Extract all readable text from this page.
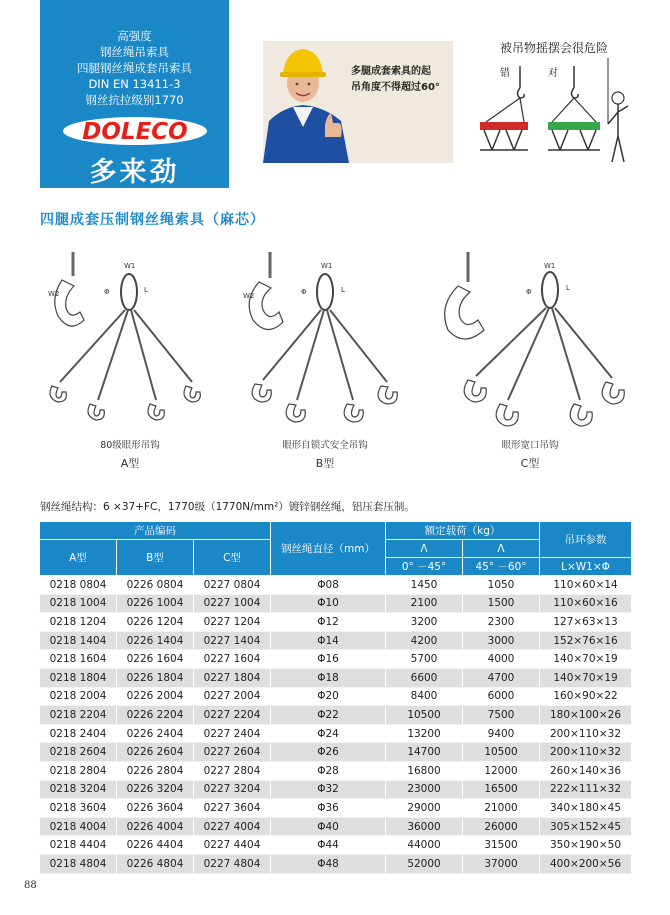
高强度
钢丝绳吊索具
四腿钢丝绳成套吊索具
DIN EN 13411-3
钢丝抗拉级别1770
DOLECO
多来劲
多腿成套索具的起
吊角度不得超过60°
被吊物摇摆会很危险
错	对
四腿成套压制钢丝绳索具（麻芯）
W2
W1
Φ	L
80级眼形吊钩
A型
W2
W1
Φ	L
眼形自锁式安全吊钩
B型
W1
Φ	L
眼形宽口吊钩
C型
钢丝绳结构：6 ×37+FC，1770级（1770N/mm²）镀锌钢丝绳，铝压套压制。
产品编码			钢丝绳直径（mm）	额定载荷（kg）		吊环参数
A型	B型	C型		Λ	Λ	
				0° －45°	45° －60°	L×W1×Φ
0218 0804	0226 0804	0227 0804	Φ08	1450	1050	110×60×14
0218 1004	0226 1004	0227 1004	Φ10	2100	1500	110×60×16
0218 1204	0226 1204	0227 1204	Φ12	3200	2300	127×63×13
0218 1404	0226 1404	0227 1404	Φ14	4200	3000	152×76×16
0218 1604	0226 1604	0227 1604	Φ16	5700	4000	140×70×19
0218 1804	0226 1804	0227 1804	Φ18	6600	4700	140×70×19
0218 2004	0226 2004	0227 2004	Φ20	8400	6000	160×90×22
0218 2204	0226 2204	0227 2204	Φ22	10500	7500	180×100×26
0218 2404	0226 2404	0227 2404	Φ24	13200	9400	200×110×32
0218 2604	0226 2604	0227 2604	Φ26	14700	10500	200×110×32
0218 2804	0226 2804	0227 2804	Φ28	16800	12000	260×140×36
0218 3204	0226 3204	0227 3204	Φ32	23000	16500	222×111×32
0218 3604	0226 3604	0227 3604	Φ36	29000	21000	340×180×45
0218 4004	0226 4004	0227 4004	Φ40	36000	26000	305×152×45
0218 4404	0226 4404	0227 4404	Φ44	44000	31500	350×190×50
0218 4804	0226 4804	0227 4804	Φ48	52000	37000	400×200×56
88
